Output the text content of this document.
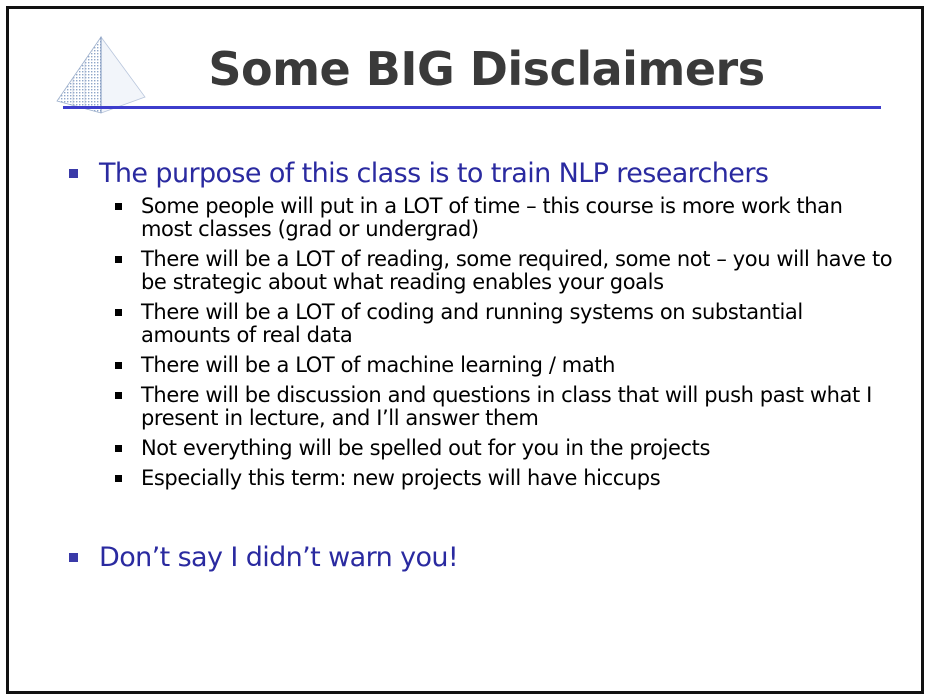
Some BIG Disclaimers
The purpose of this class is to train NLP researchers
Some people will put in a LOT of time – this course is more work than most classes (grad or undergrad)
There will be a LOT of reading, some required, some not – you will have to be strategic about what reading enables your goals
There will be a LOT of coding and running systems on substantial amounts of real data
There will be a LOT of machine learning / math
There will be discussion and questions in class that will push past what I present in lecture, and I’ll answer them
Not everything will be spelled out for you in the projects
Especially this term: new projects will have hiccups
Don’t say I didn’t warn you!
